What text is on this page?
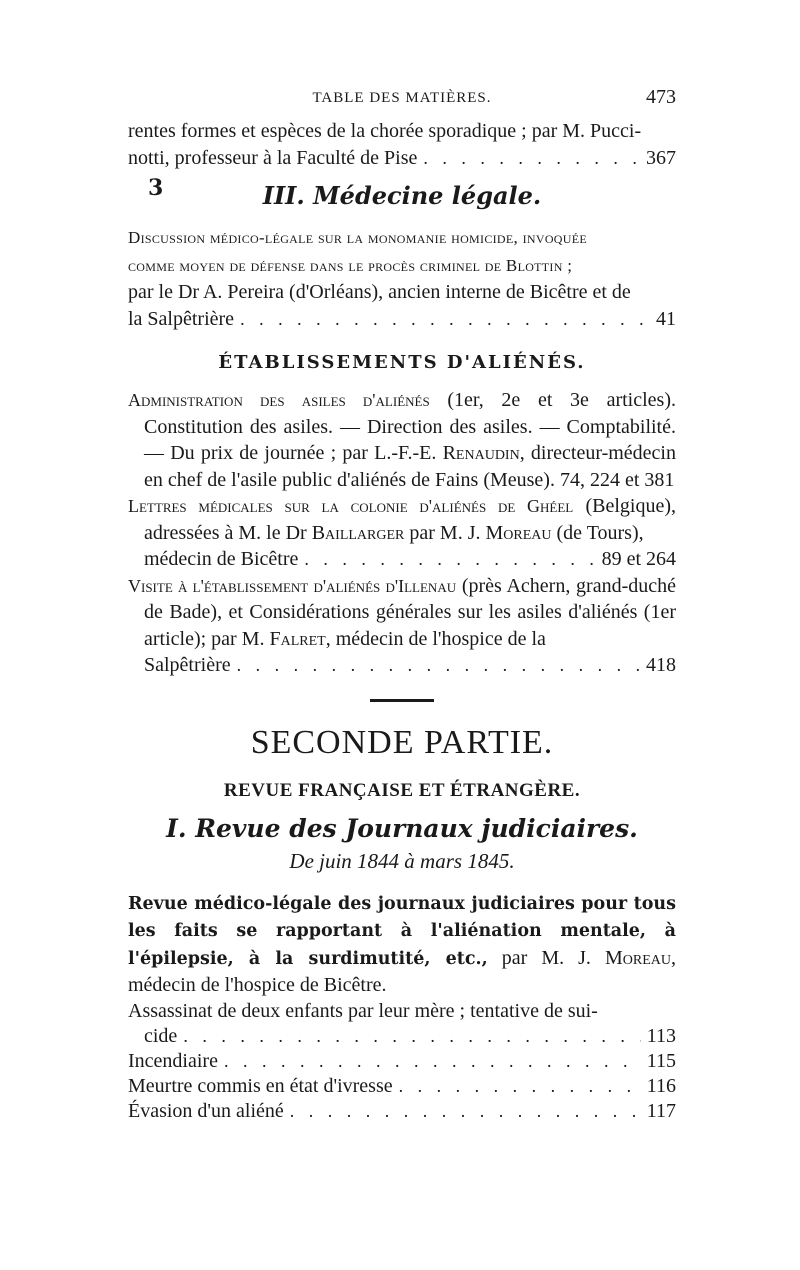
TABLE DES MATIÈRES.	473

rentes formes et espèces de la chorée sporadique ; par M. Pucci-

notti, professeur à la Faculté de Pise . . .	367
3	III. Médecine légale.

Discussion médico-légale sur la monomanie homicide, invoquée

comme moyen de défense dans le procès criminel de Blottin ;

par le Dr A. Pereira (d'Orléans), ancien interne de Bicêtre et de

la Salpêtrière . . .	41
ÉTABLISSEMENTS D'ALIÉNÉS.

Administration des asiles d'aliénés (1er, 2e et 3e articles). Constitution des asiles. — Direction des asiles. — Comptabilité. — Du prix de journée ; par L.-F.-E. Renaudin, directeur-médecin en chef de l'asile public d'aliénés de Fains (Meuse). 74, 224 et 381

Lettres médicales sur la colonie d'aliénés de Ghéel (Belgique), adressées à M. le Dr Baillarger par M. J. Moreau (de Tours),

médecin de Bicêtre . . .	89 et 264

Visite à l'établissement d'aliénés d'Illenau (près Achern, grand-duché de Bade), et Considérations générales sur les asiles d'aliénés (1er article); par M. Falret, médecin de l'hospice de la

Salpêtrière . . .	418
SECONDE PARTIE.
REVUE FRANÇAISE ET ÉTRANGÈRE.
I. Revue des Journaux judiciaires.
De juin 1844 à mars 1845.

Revue médico-légale des journaux judiciaires pour tous les faits se rapportant à l'aliénation mentale, à l'épilepsie, à la surdimutité, etc., par M. J. Moreau, médecin de l'hospice de Bicêtre.

Assassinat de deux enfants par leur mère ; tentative de sui-

cide . . .	113
Incendiaire . . .	115
Meurtre commis en état d'ivresse . . .	116
Évasion d'un aliéné . . .	117
